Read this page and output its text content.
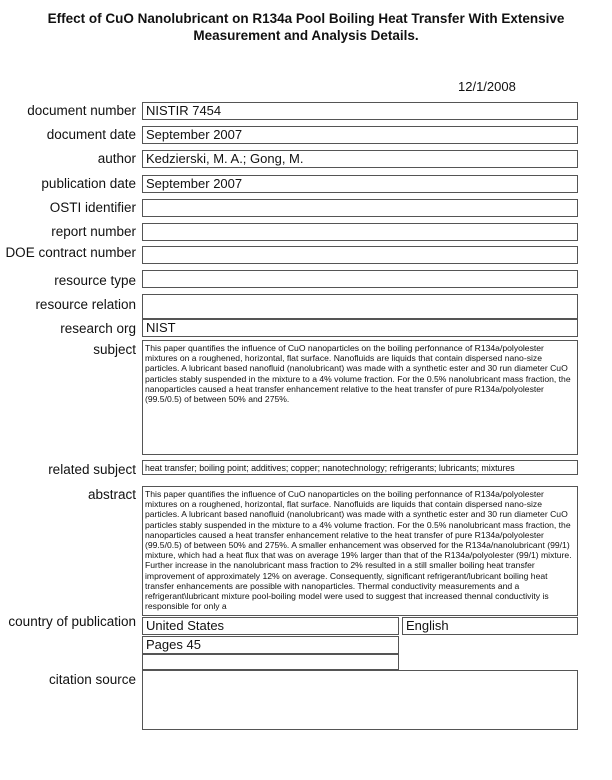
Effect of CuO Nanolubricant on R134a Pool Boiling Heat Transfer With Extensive Measurement and Analysis Details.
12/1/2008
document number NISTIR 7454
document date September 2007
author Kedzierski, M. A.; Gong, M.
publication date September 2007
OSTI identifier
report number
DOE contract number
resource type
resource relation
research org NIST
subject	This paper quantifies the influence of CuO nanoparticles on the boiling perfonnance of R134a/polyolester mixtures on a roughened, horizontal, flat surface. Nanofluids are liquids that contain dispersed nano-size particles. A lubricant based nanofluid (nanolubricant) was made with a synthetic ester and 30 run diameter CuO particles stably suspended in the mixture to a 4% volume fraction. For the 0.5% nanolubricant mass fraction, the nanoparticles caused a heat transfer enhancement relative to the heat transfer of pure R134a/polyolester (99.5/0.5) of between 50% and 275%.
related subject	heat transfer; boiling point; additives; copper; nanotechnology; refrigerants; lubricants; mixtures
abstract	This paper quantifies the influence of CuO nanoparticles on the boiling perfonnance of R134a/polyolester mixtures on a roughened, horizontal, flat surface. Nanofluids are liquids that contain dispersed nano-size particles. A lubricant based nanofluid (nanolubricant) was made with a synthetic ester and 30 run diameter CuO particles stably suspended in the mixture to a 4% volume fraction. For the 0.5% nanolubricant mass fraction, the nanoparticles caused a heat transfer enhancement relative to the heat transfer of pure R134a/polyolester (99.5/0.5) of between 50% and 275%. A smaller enhancement was observed for the R134a/nanolubricant (99/1) mixture, which had a heat flux that was on average 19% larger than that of the R134a/polyolester (99/1) mixture. Further increase in the nanolubricant mass fraction to 2% resulted in a still smaller boiling heat transfer improvement of approximately 12% on average. Consequently, significant refrigerant/lubricant boiling heat transfer enhancements are possible with nanoparticles. Thermal conductivity measurements and a refrigerant\lubricant mixture pool-boiling model were used to suggest that increased thennal conductivity is responsible for only a
country of publication United States	English
Pages 45
citation source
